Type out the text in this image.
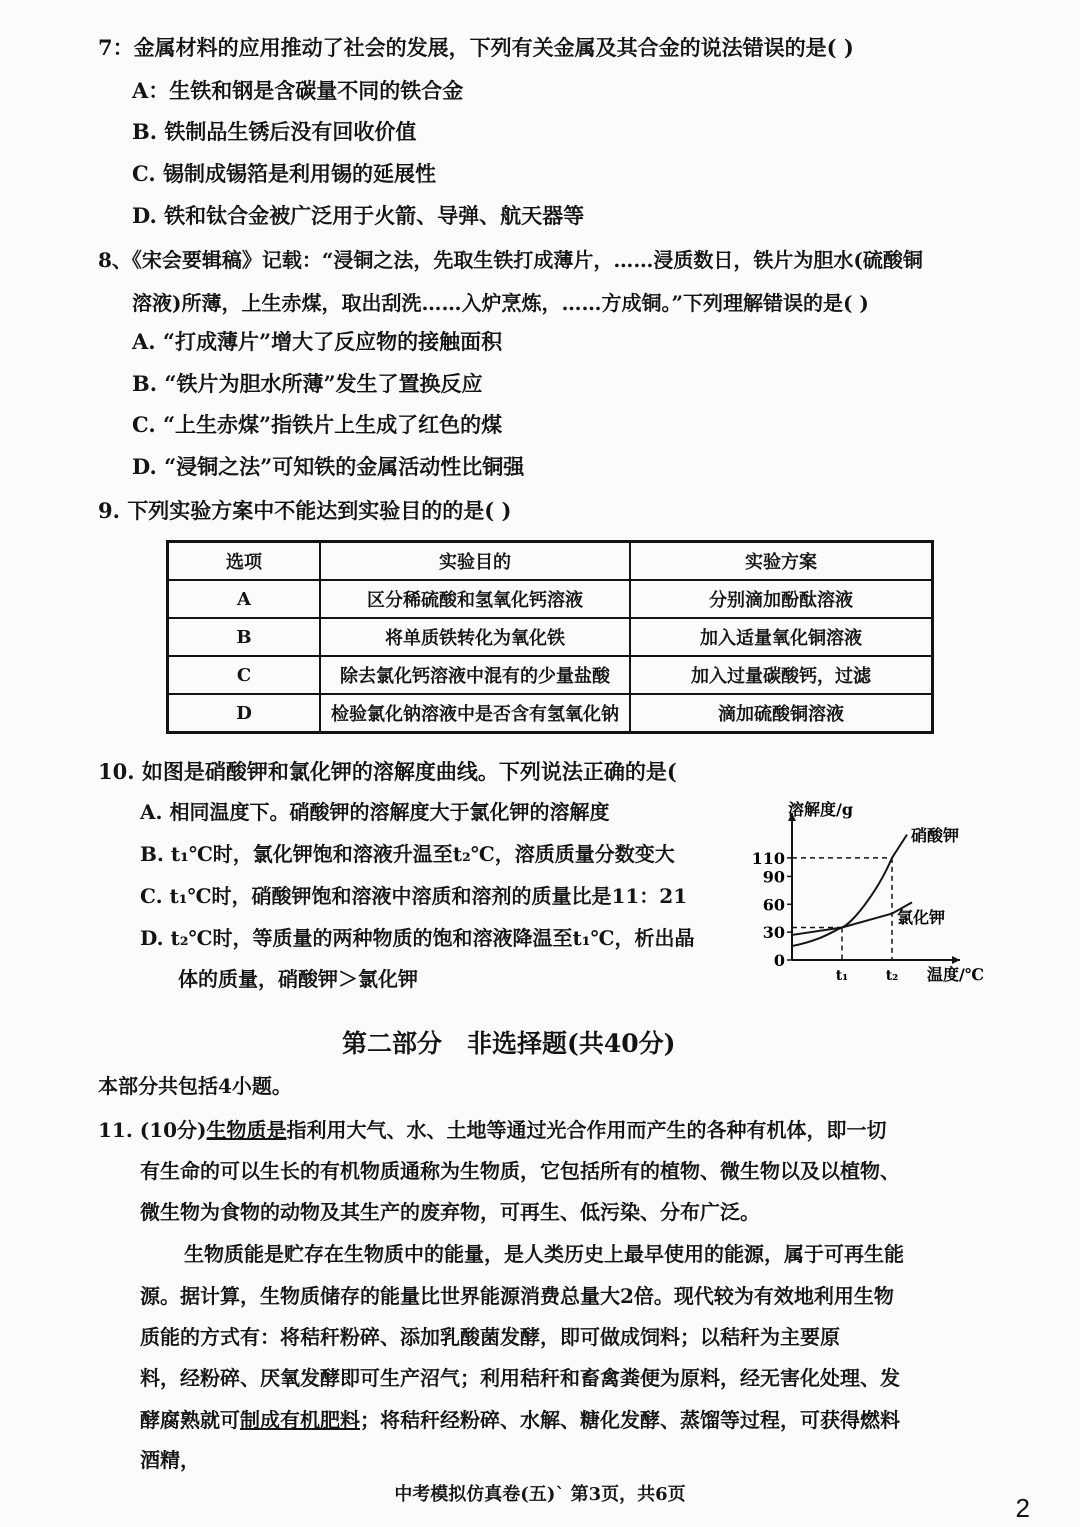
7：金属材料的应用推动了社会的发展，下列有关金属及其合金的说法错误的是( )
A：生铁和钢是含碳量不同的铁合金
B. 铁制品生锈后没有回收价值
C. 锡制成锡箔是利用锡的延展性
D. 铁和钛合金被广泛用于火箭、导弹、航天器等
8、《宋会要辑稿》记载：“浸铜之法，先取生铁打成薄片，……浸质数日，铁片为胆水(硫酸铜
溶液)所薄，上生赤煤，取出刮洗……入炉烹炼，……方成铜。”下列理解错误的是( )
A. “打成薄片”增大了反应物的接触面积
B. “铁片为胆水所薄”发生了置换反应
C. “上生赤煤”指铁片上生成了红色的煤
D. “浸铜之法”可知铁的金属活动性比铜强
9. 下列实验方案中不能达到实验目的的是( )
选项	实验目的	实验方案
A	区分稀硫酸和氢氧化钙溶液	分别滴加酚酞溶液
B	将单质铁转化为氧化铁	加入适量氧化铜溶液
C	除去氯化钙溶液中混有的少量盐酸	加入过量碳酸钙，过滤
D	检验氯化钠溶液中是否含有氢氧化钠	滴加硫酸铜溶液
10. 如图是硝酸钾和氯化钾的溶解度曲线。下列说法正确的是(
A. 相同温度下。硝酸钾的溶解度大于氯化钾的溶解度
B. t₁℃时，氯化钾饱和溶液升温至t₂℃，溶质质量分数变大
C. t₁℃时，硝酸钾饱和溶液中溶质和溶剂的质量比是11：21
D. t₂℃时，等质量的两种物质的饱和溶液降温至t₁℃，析出晶
体的质量，硝酸钾＞氯化钾
0
30
60
90
110
t₁	t₂
溶解度/g
温度/℃
硝酸钾
氯化钾
第二部分　非选择题(共40分)
本部分共包括4小题。
11. (10分)生物质是指利用大气、水、土地等通过光合作用而产生的各种有机体，即一切
有生命的可以生长的有机物质通称为生物质，它包括所有的植物、微生物以及以植物、
微生物为食物的动物及其生产的废弃物，可再生、低污染、分布广泛。
生物质能是贮存在生物质中的能量，是人类历史上最早使用的能源，属于可再生能
源。据计算，生物质储存的能量比世界能源消费总量大2倍。现代较为有效地利用生物
质能的方式有：将秸秆粉碎、添加乳酸菌发酵，即可做成饲料；以秸秆为主要原
料，经粉碎、厌氧发酵即可生产沼气；利用秸秆和畜禽粪便为原料，经无害化处理、发
酵腐熟就可制成有机肥料；将秸秆经粉碎、水解、糖化发酵、蒸馏等过程，可获得燃料
酒精，
中考模拟仿真卷(五)` 第3页，共6页	2
